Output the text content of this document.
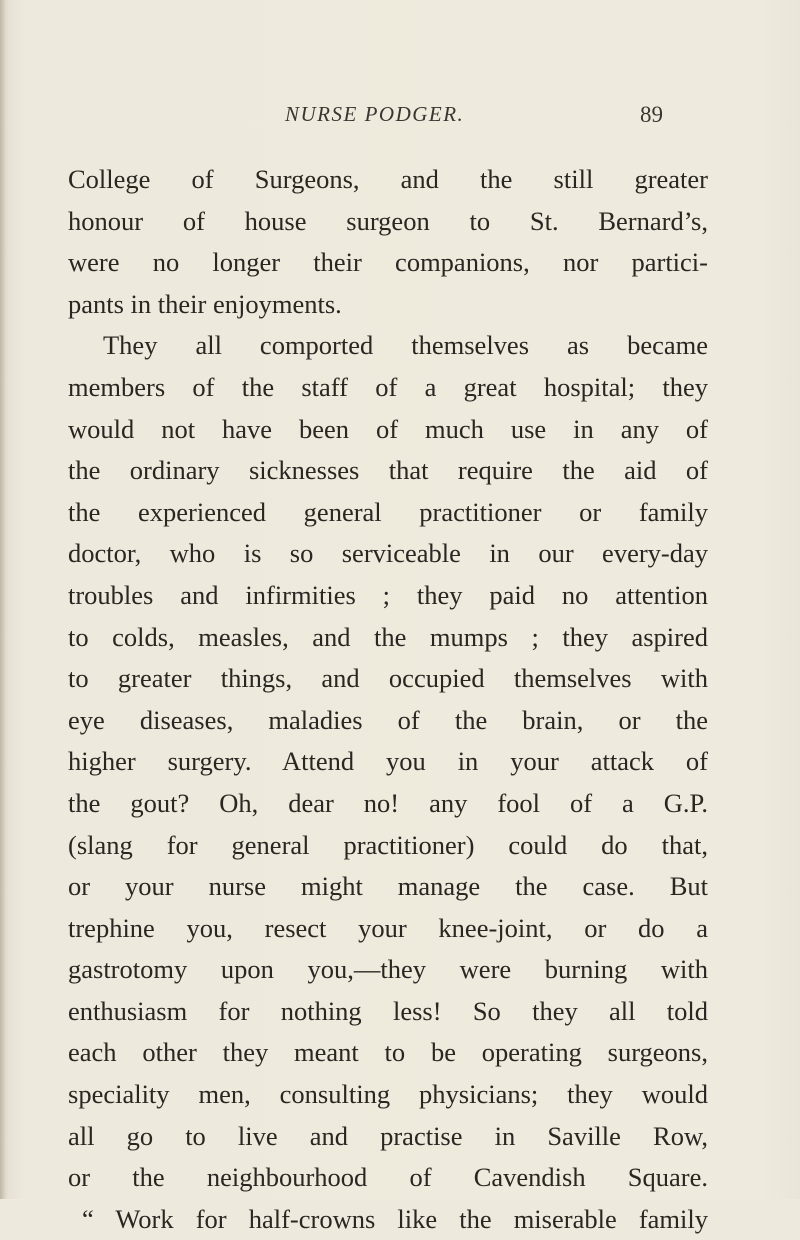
NURSE PODGER.	89
College of Surgeons, and the still greater
honour of house surgeon to St. Bernard’s,
were no longer their companions, nor partici-
pants in their enjoyments.
They all comported themselves as became
members of the staff of a great hospital; they
would not have been of much use in any of
the ordinary sicknesses that require the aid of
the experienced general practitioner or family
doctor, who is so serviceable in our every-day
troubles and infirmities ; they paid no attention
to colds, measles, and the mumps ; they aspired
to greater things, and occupied themselves with
eye diseases, maladies of the brain, or the
higher surgery. Attend you in your attack of
the gout? Oh, dear no! any fool of a G.P.
(slang for general practitioner) could do that,
or your nurse might manage the case. But
trephine you, resect your knee-joint, or do a
gastrotomy upon you,—they were burning with
enthusiasm for nothing less! So they all told
each other they meant to be operating surgeons,
speciality men, consulting physicians; they would
all go to live and practise in Saville Row,
or the neighbourhood of Cavendish Square.
“ Work for half-crowns like the miserable family
